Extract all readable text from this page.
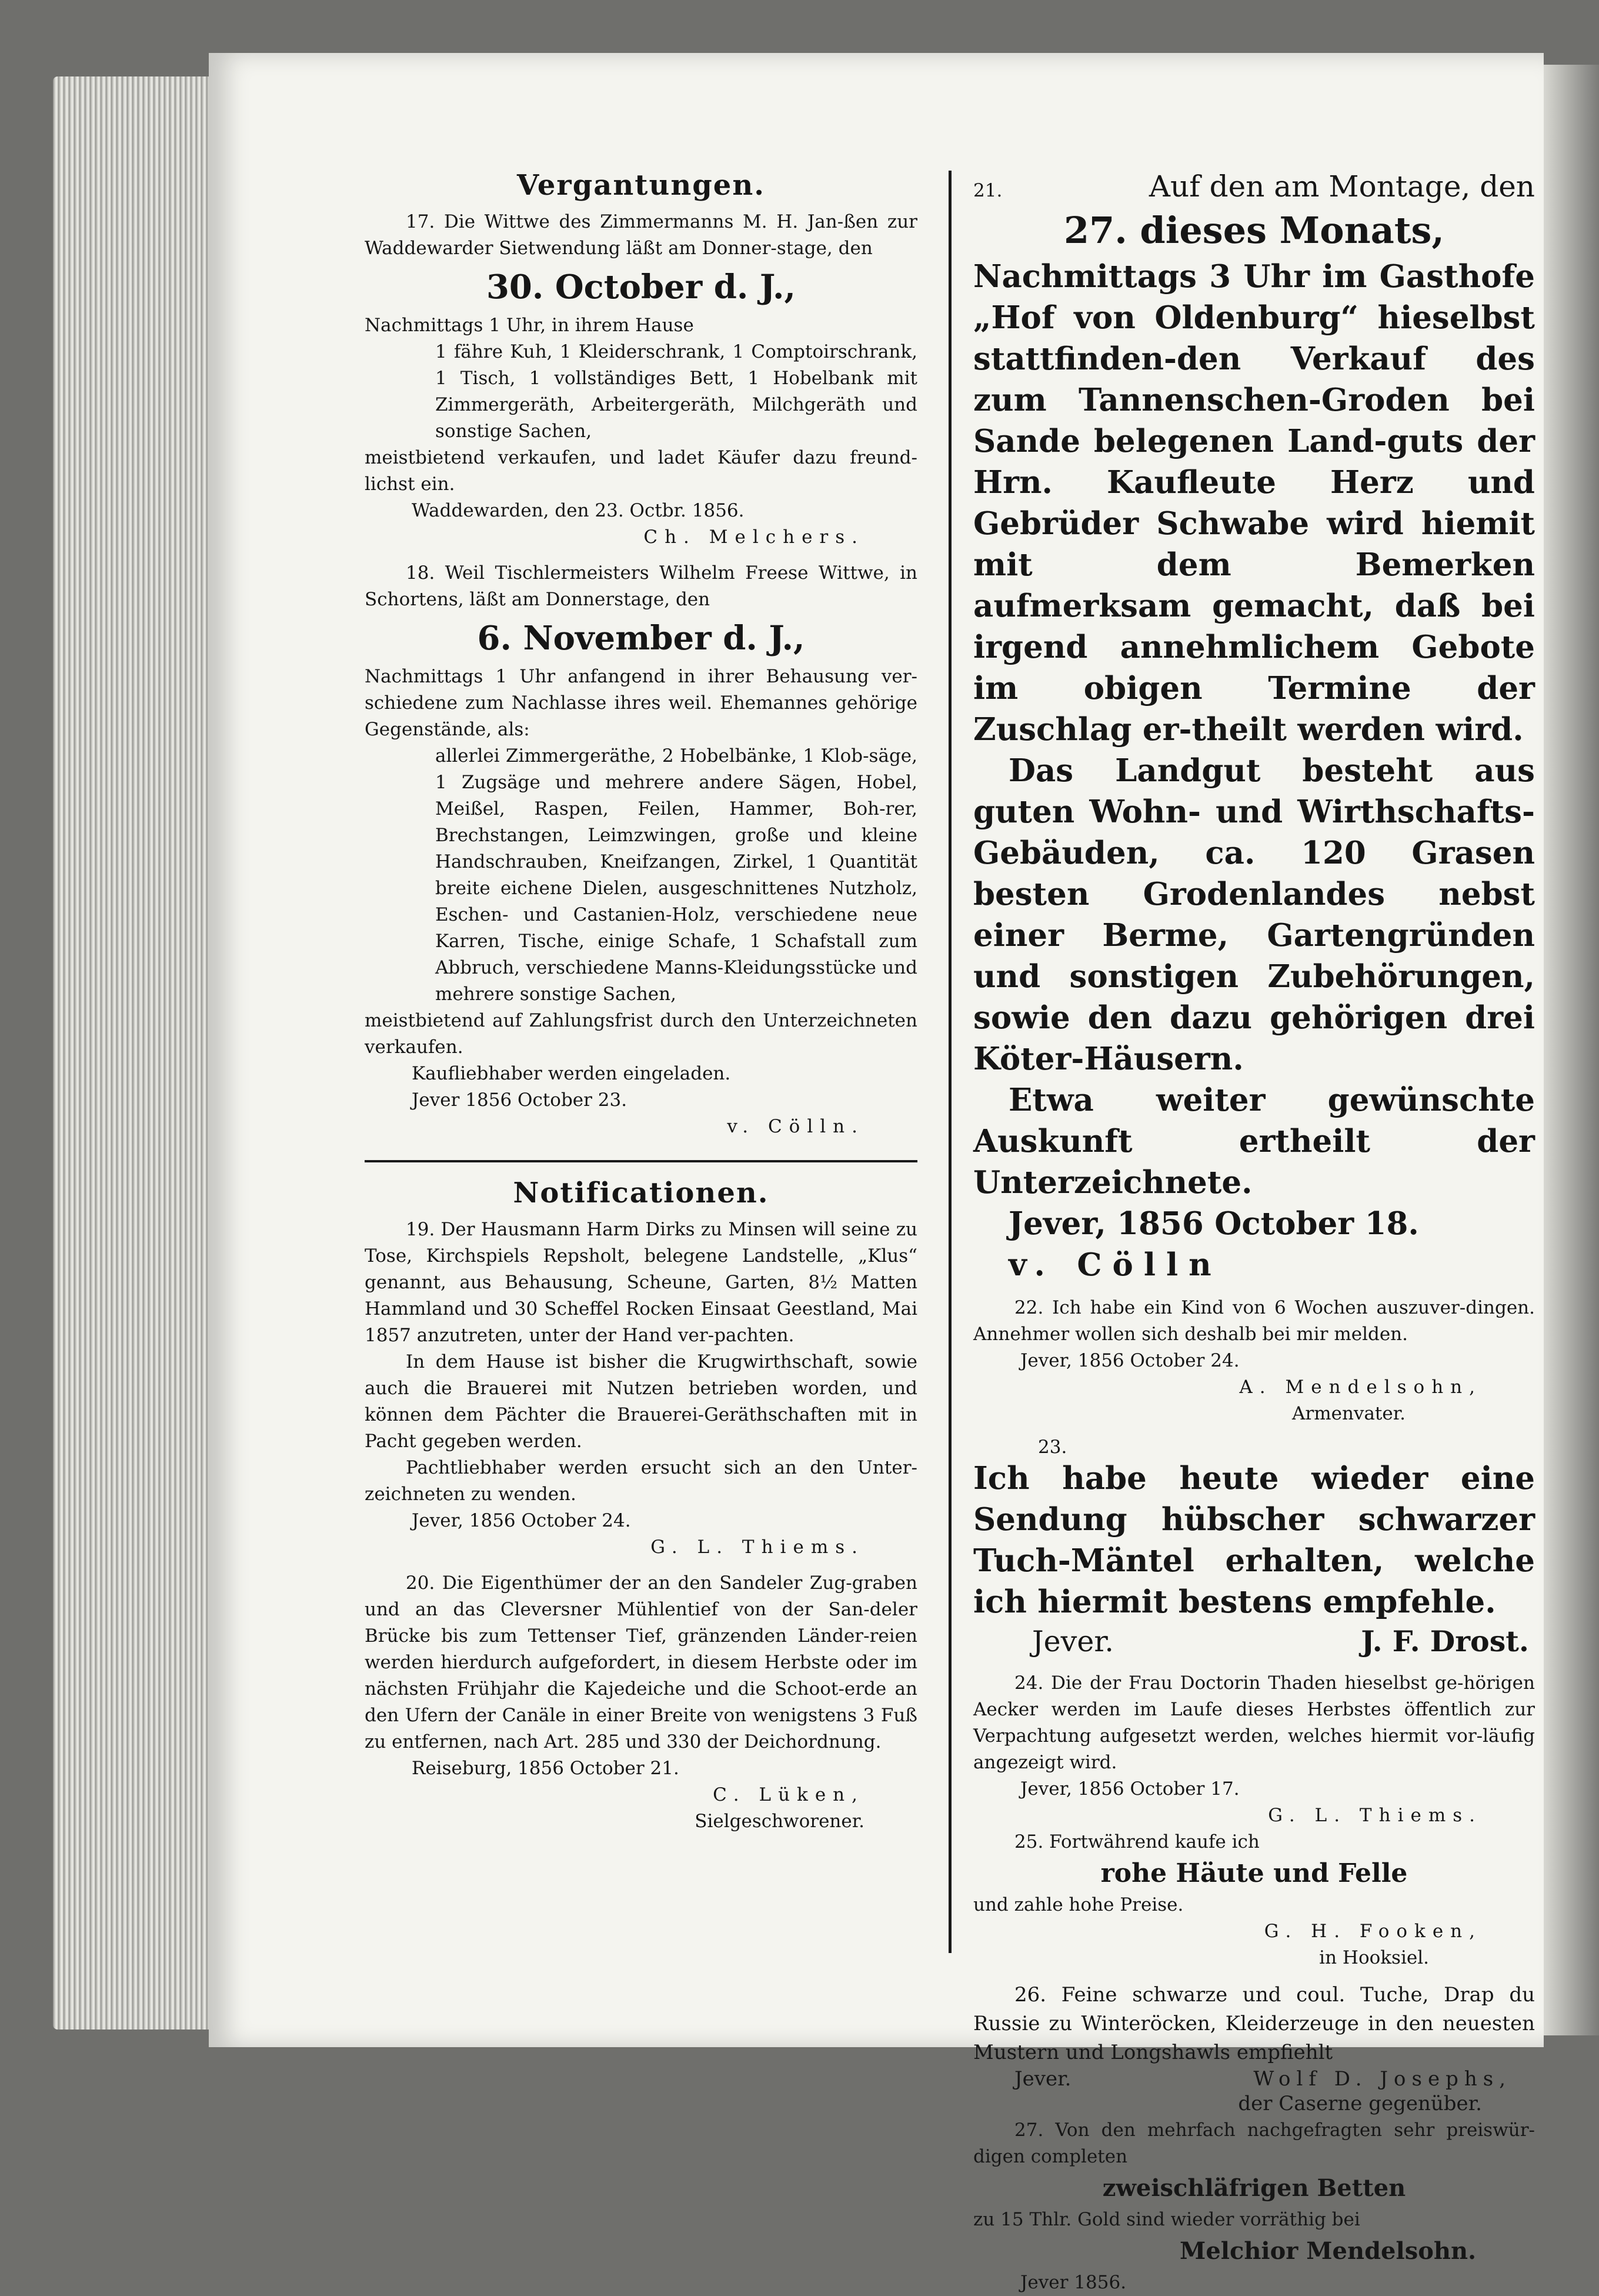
Vergantungen.

17. Die Wittwe des Zimmermanns M. H. Jan-ßen zur Waddewarder Sietwendung läßt am Donner-stage, den

30. October d. J.,

Nachmittags 1 Uhr, in ihrem Hause

1 fähre Kuh, 1 Kleiderschrank, 1 Comptoirschrank, 1 Tisch, 1 vollständiges Bett, 1 Hobelbank mit Zimmergeräth, Arbeitergeräth, Milchgeräth und sonstige Sachen,

meistbietend verkaufen, und ladet Käufer dazu freund-lichst ein.

Waddewarden, den 23. Octbr. 1856.

Ch. Melchers.

18. Weil Tischlermeisters Wilhelm Freese Wittwe, in Schortens, läßt am Donnerstage, den

6. November d. J.,

Nachmittags 1 Uhr anfangend in ihrer Behausung ver-schiedene zum Nachlasse ihres weil. Ehemannes gehörige Gegenstände, als:

allerlei Zimmergeräthe, 2 Hobelbänke, 1 Klob-säge, 1 Zugsäge und mehrere andere Sägen, Hobel, Meißel, Raspen, Feilen, Hammer, Boh-rer, Brechstangen, Leimzwingen, große und kleine Handschrauben, Kneifzangen, Zirkel, 1 Quantität breite eichene Dielen, ausgeschnittenes Nutzholz, Eschen- und Castanien-Holz, verschiedene neue Karren, Tische, einige Schafe, 1 Schafstall zum Abbruch, verschiedene Manns-Kleidungsstücke und mehrere sonstige Sachen,

meistbietend auf Zahlungsfrist durch den Unterzeichneten verkaufen.

Kaufliebhaber werden eingeladen.

Jever 1856 October 23.

v. Cölln.

Notificationen.

19. Der Hausmann Harm Dirks zu Minsen will seine zu Tose, Kirchspiels Repsholt, belegene Landstelle, „Klus“ genannt, aus Behausung, Scheune, Garten, 8½ Matten Hammland und 30 Scheffel Rocken Einsaat Geestland, Mai 1857 anzutreten, unter der Hand ver-pachten.

In dem Hause ist bisher die Krugwirthschaft, sowie auch die Brauerei mit Nutzen betrieben worden, und können dem Pächter die Brauerei-Geräthschaften mit in Pacht gegeben werden.

Pachtliebhaber werden ersucht sich an den Unter-zeichneten zu wenden.

Jever, 1856 October 24.

G. L. Thiems.

20. Die Eigenthümer der an den Sandeler Zug-graben und an das Cleversner Mühlentief von der San-deler Brücke bis zum Tettenser Tief, gränzenden Länder-reien werden hierdurch aufgefordert, in diesem Herbste oder im nächsten Frühjahr die Kajedeiche und die Schoot-erde an den Ufern der Canäle in einer Breite von wenigstens 3 Fuß zu entfernen, nach Art. 285 und 330 der Deichordnung.

Reiseburg, 1856 October 21.

C. Lüken,

Sielgeschworener.

21.	Auf den am Montage, den
27. dieses Monats,

Nachmittags 3 Uhr im Gasthofe „Hof von Oldenburg“ hieselbst stattfinden-den Verkauf des zum Tannenschen-Groden bei Sande belegenen Land-guts der Hrn. Kaufleute Herz und Gebrüder Schwabe wird hiemit mit dem Bemerken aufmerksam gemacht, daß bei irgend annehmlichem Gebote im obigen Termine der Zuschlag er-theilt werden wird.

Das Landgut besteht aus guten Wohn- und Wirthschafts-Gebäuden, ca. 120 Grasen besten Grodenlandes nebst einer Berme, Gartengründen und sonstigen Zubehörungen, sowie den dazu gehörigen drei Köter-Häusern.

Etwa weiter gewünschte Auskunft ertheilt der Unterzeichnete.

Jever, 1856 October 18.

v. Cölln

22. Ich habe ein Kind von 6 Wochen auszuver-dingen. Annehmer wollen sich deshalb bei mir melden.

Jever, 1856 October 24.

A. Mendelsohn,

Armenvater.

23.

Ich habe heute wieder eine Sendung hübscher schwarzer Tuch-Mäntel erhalten, welche ich hiermit bestens empfehle.

Jever.	J. F. Drost.

24. Die der Frau Doctorin Thaden hieselbst ge-hörigen Aecker werden im Laufe dieses Herbstes öffentlich zur Verpachtung aufgesetzt werden, welches hiermit vor-läufig angezeigt wird.

Jever, 1856 October 17.

G. L. Thiems.

25. Fortwährend kaufe ich

rohe Häute und Felle

und zahle hohe Preise.

G. H. Fooken,

in Hooksiel.

26. Feine schwarze und coul. Tuche, Drap du Russie zu Winteröcken, Kleiderzeuge in den neuesten Mustern und Longshawls empfiehlt

Jever.	Wolf D. Josephs,

der Caserne gegenüber.

27. Von den mehrfach nachgefragten sehr preiswür-digen completen

zweischläfrigen Betten

zu 15 Thlr. Gold sind wieder vorräthig bei

Melchior Mendelsohn.

Jever 1856.
